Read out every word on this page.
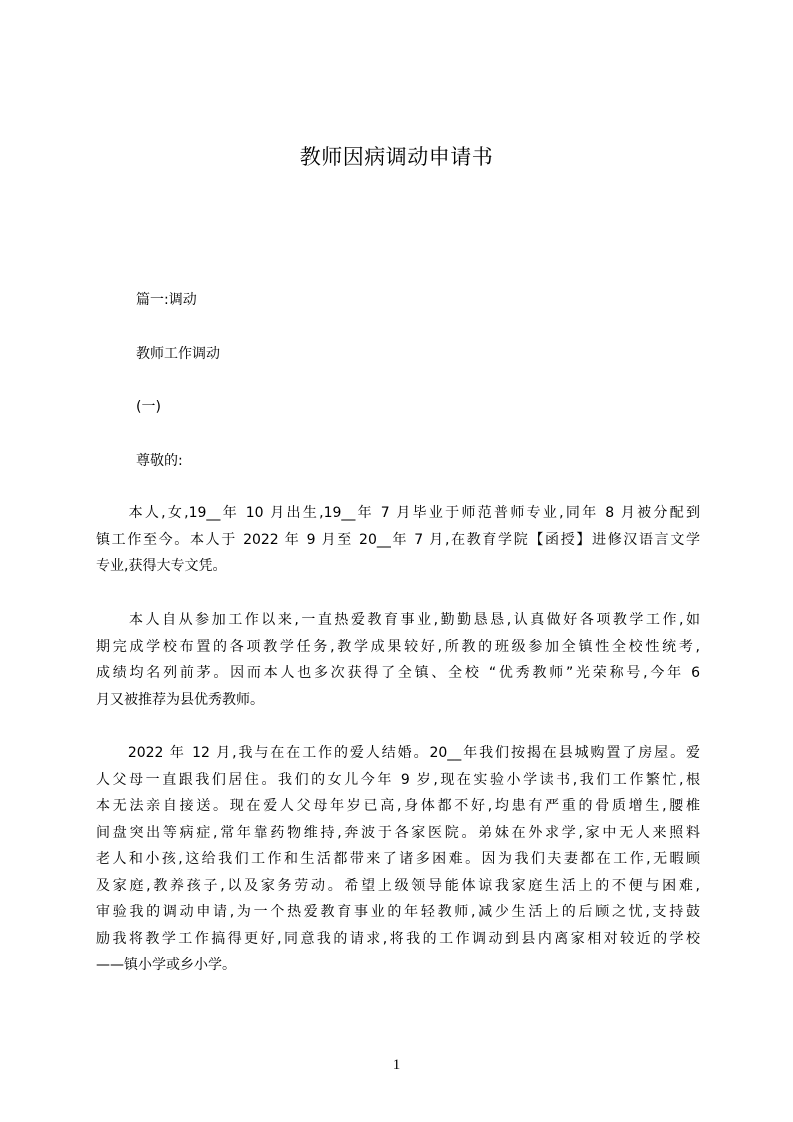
教师因病调动申请书
篇一:调动
教师工作调动
(一)
尊敬的:
　　本人,女,19__年 10 月出生,19__年 7 月毕业于师范普师专业,同年 8 月被分配到
镇工作至今。本人于 2022 年 9 月至 20__年 7 月,在教育学院【函授】进修汉语言文学
专业,获得大专文凭。
　　本人自从参加工作以来,一直热爱教育事业,勤勤恳恳,认真做好各项教学工作,如
期完成学校布置的各项教学任务,教学成果较好,所教的班级参加全镇性全校性统考,
成绩均名列前茅。因而本人也多次获得了全镇、全校 “优秀教师”光荣称号,今年 6
月又被推荐为县优秀教师。
　　2022 年 12 月,我与在在工作的爱人结婚。20__年我们按揭在县城购置了房屋。爱
人父母一直跟我们居住。我们的女儿今年 9 岁,现在实验小学读书,我们工作繁忙,根
本无法亲自接送。现在爱人父母年岁已高,身体都不好,均患有严重的骨质增生,腰椎
间盘突出等病症,常年靠药物维持,奔波于各家医院。弟妹在外求学,家中无人来照料
老人和小孩,这给我们工作和生活都带来了诸多困难。因为我们夫妻都在工作,无暇顾
及家庭,教养孩子,以及家务劳动。希望上级领导能体谅我家庭生活上的不便与困难,
审验我的调动申请,为一个热爱教育事业的年轻教师,减少生活上的后顾之忧,支持鼓
励我将教学工作搞得更好,同意我的请求,将我的工作调动到县内离家相对较近的学校
——镇小学或乡小学。
1
